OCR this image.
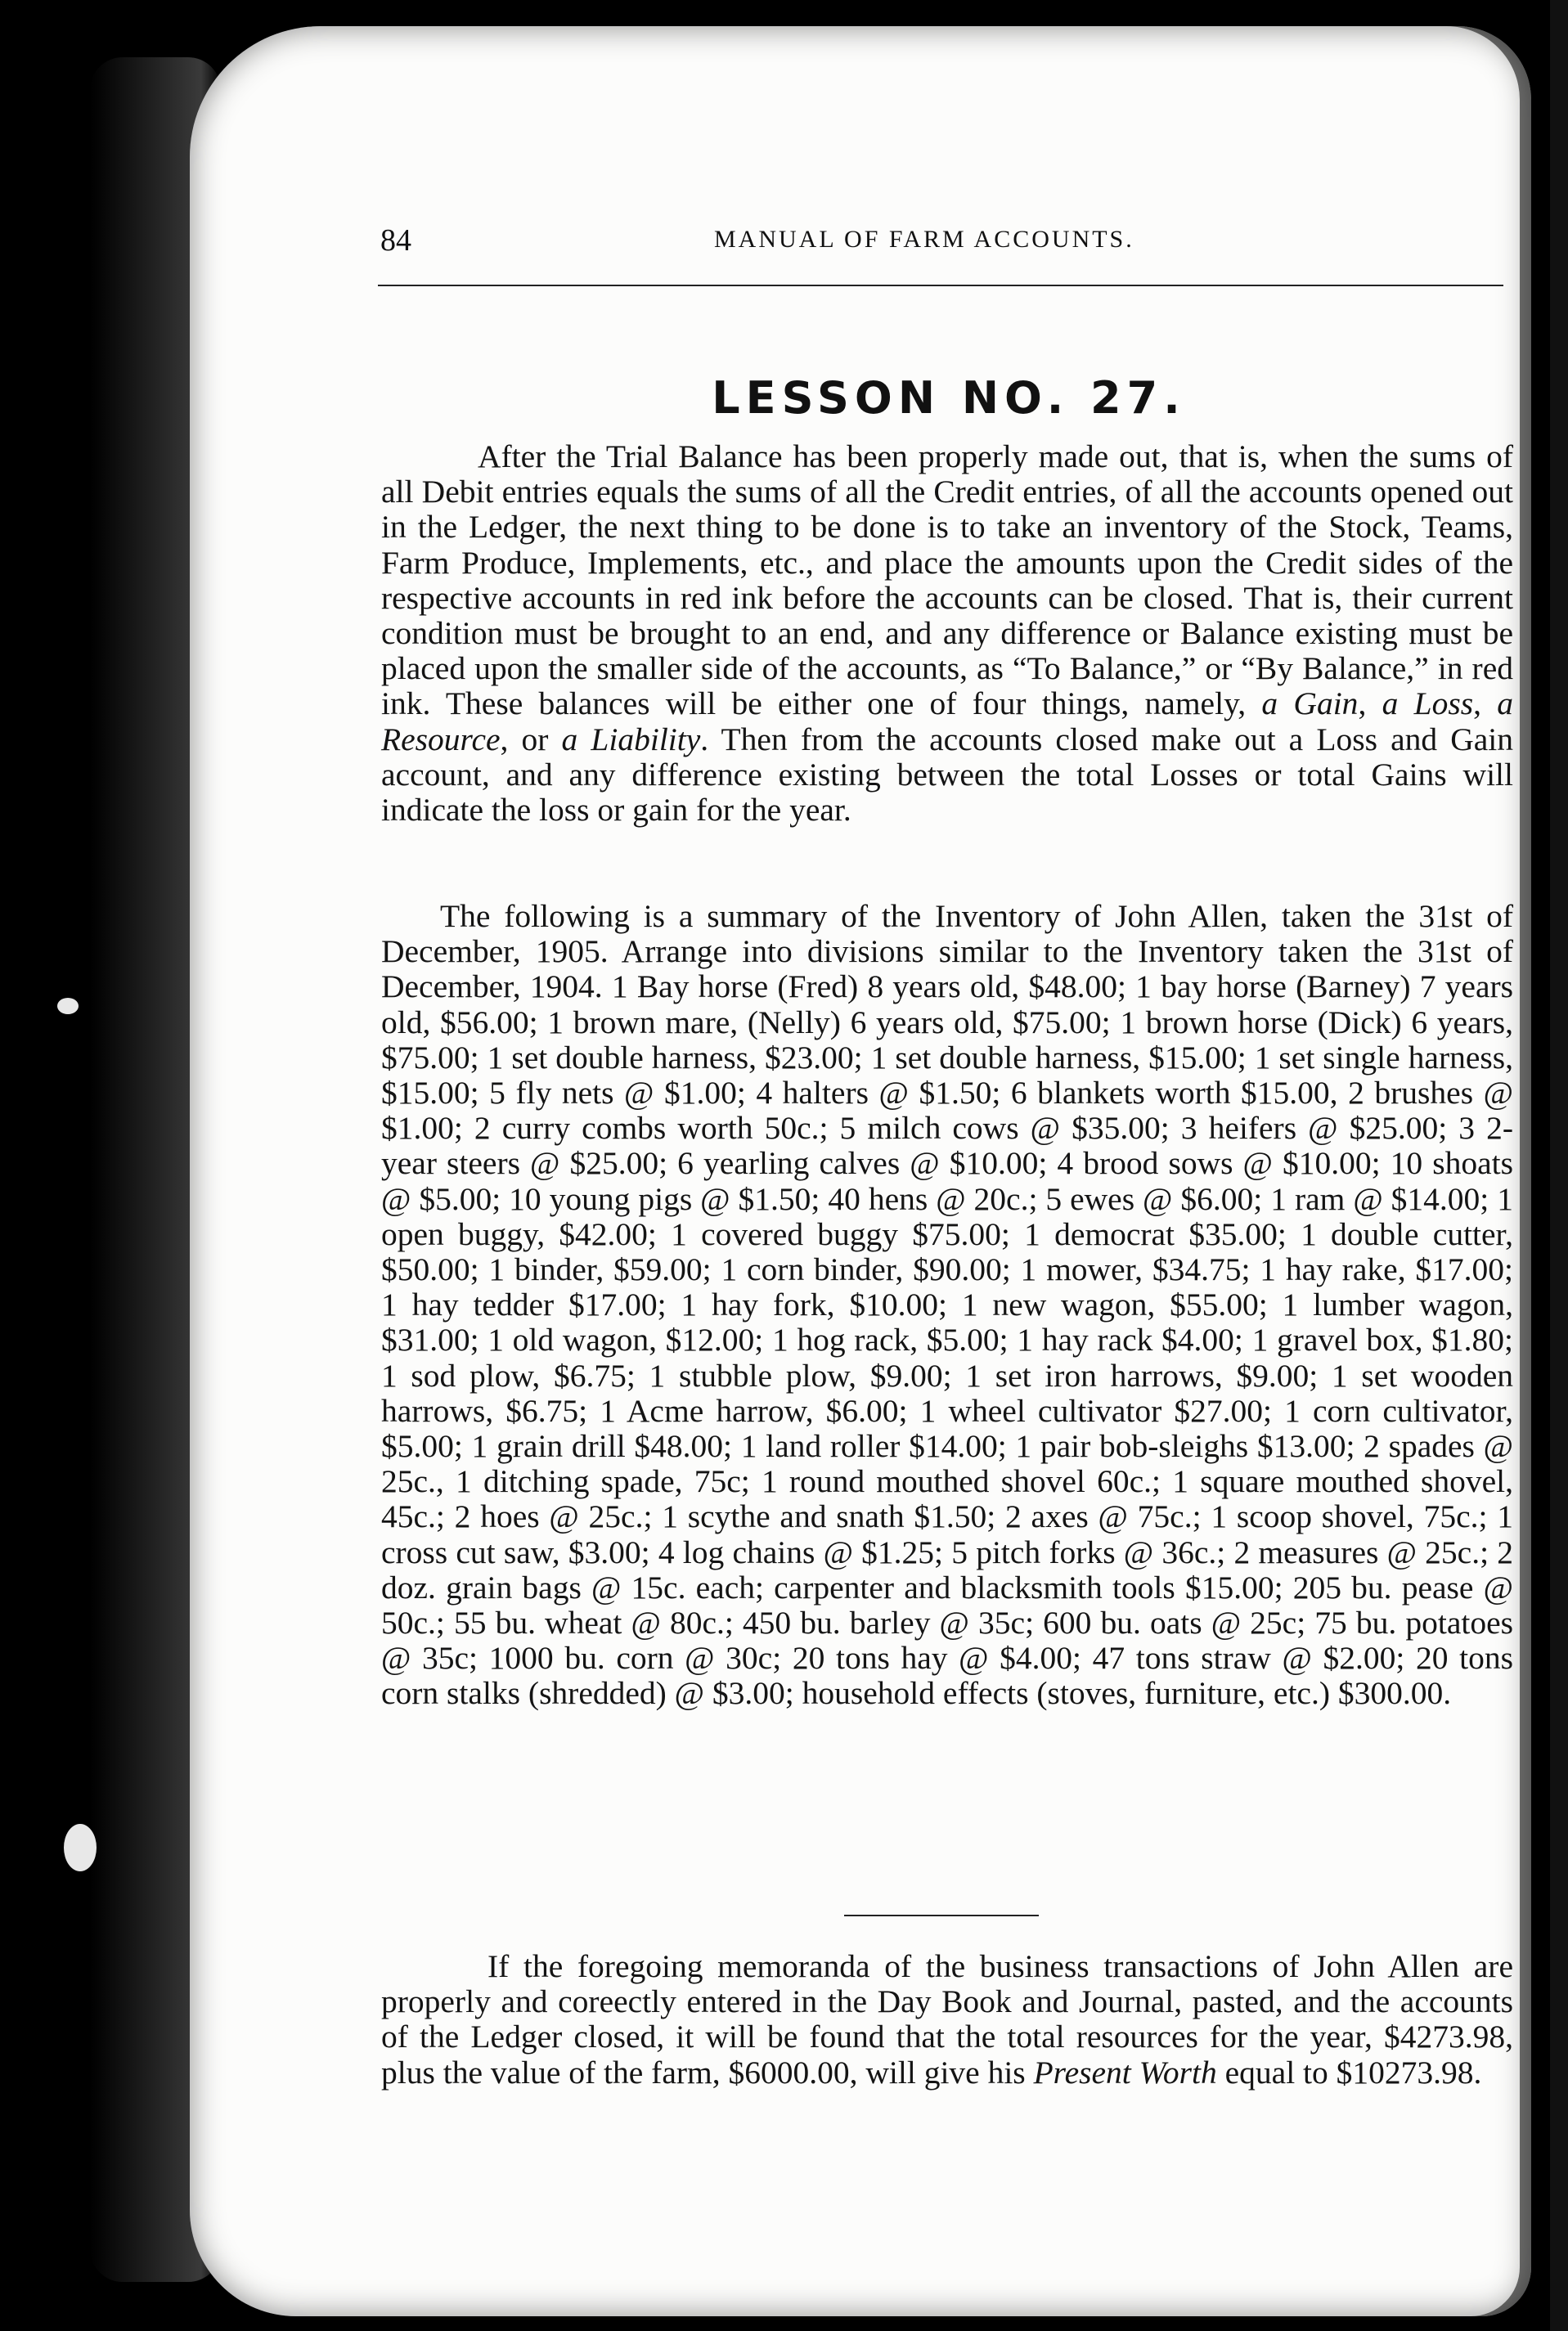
84	MANUAL OF FARM ACCOUNTS.
LESSON NO. 27.

After the Trial Balance has been properly made out, that is, when the sums of all Debit entries equals the sums of all the Credit entries, of all the accounts opened out in the Ledger, the next thing to be done is to take an inventory of the Stock, Teams, Farm Produce, Implements, etc., and place the amounts upon the Credit sides of the respective accounts in red ink before the accounts can be closed. That is, their current condition must be brought to an end, and any difference or Balance existing must be placed upon the smaller side of the accounts, as “To Balance,” or “By Balance,” in red ink. These balances will be either one of four things, namely, a Gain, a Loss, a Resource, or a Liability. Then from the accounts closed make out a Loss and Gain account, and any difference existing between the total Losses or total Gains will indicate the loss or gain for the year.

The following is a summary of the Inventory of John Allen, taken the 31st of December, 1905. Arrange into divisions similar to the Inventory taken the 31st of December, 1904. 1 Bay horse (Fred) 8 years old, $48.00; 1 bay horse (Barney) 7 years old, $56.00; 1 brown mare, (Nelly) 6 years old, $75.00; 1 brown horse (Dick) 6 years, $75.00; 1 set double harness, $23.00; 1 set double harness, $15.00; 1 set single harness, $15.00; 5 fly nets @ $1.00; 4 halters @ $1.50; 6 blankets worth $15.00, 2 brushes @ $1.00; 2 curry combs worth 50c.; 5 milch cows @ $35.00; 3 heifers @ $25.00; 3 2-year steers @ $25.00; 6 yearling calves @ $10.00; 4 brood sows @ $10.00; 10 shoats @ $5.00; 10 young pigs @ $1.50; 40 hens @ 20c.; 5 ewes @ $6.00; 1 ram @ $14.00; 1 open buggy, $42.00; 1 covered buggy $75.00; 1 democrat $35.00; 1 double cutter, $50.00; 1 binder, $59.00; 1 corn binder, $90.00; 1 mower, $34.75; 1 hay rake, $17.00; 1 hay tedder $17.00; 1 hay fork, $10.00; 1 new wagon, $55.00; 1 lumber wagon, $31.00; 1 old wagon, $12.00; 1 hog rack, $5.00; 1 hay rack $4.00; 1 gravel box, $1.80; 1 sod plow, $6.75; 1 stubble plow, $9.00; 1 set iron harrows, $9.00; 1 set wooden harrows, $6.75; 1 Acme harrow, $6.00; 1 wheel cultivator $27.00; 1 corn cultivator, $5.00; 1 grain drill $48.00; 1 land roller $14.00; 1 pair bob-sleighs $13.00; 2 spades @ 25c., 1 ditching spade, 75c; 1 round mouthed shovel 60c.; 1 square mouthed shovel, 45c.; 2 hoes @ 25c.; 1 scythe and snath $1.50; 2 axes @ 75c.; 1 scoop shovel, 75c.; 1 cross cut saw, $3.00; 4 log chains @ $1.25; 5 pitch forks @ 36c.; 2 measures @ 25c.; 2 doz. grain bags @ 15c. each; carpenter and blacksmith tools $15.00; 205 bu. pease @ 50c.; 55 bu. wheat @ 80c.; 450 bu. barley @ 35c; 600 bu. oats @ 25c; 75 bu. potatoes @ 35c; 1000 bu. corn @ 30c; 20 tons hay @ $4.00; 47 tons straw @ $2.00; 20 tons corn stalks (shredded) @ $3.00; household effects (stoves, furniture, etc.) $300.00.

If the foregoing memoranda of the business transactions of John Allen are properly and coreectly entered in the Day Book and Journal, pasted, and the accounts of the Ledger closed, it will be found that the total resources for the year, $4273.98, plus the value of the farm, $6000.00, will give his Present Worth equal to $10273.98.
